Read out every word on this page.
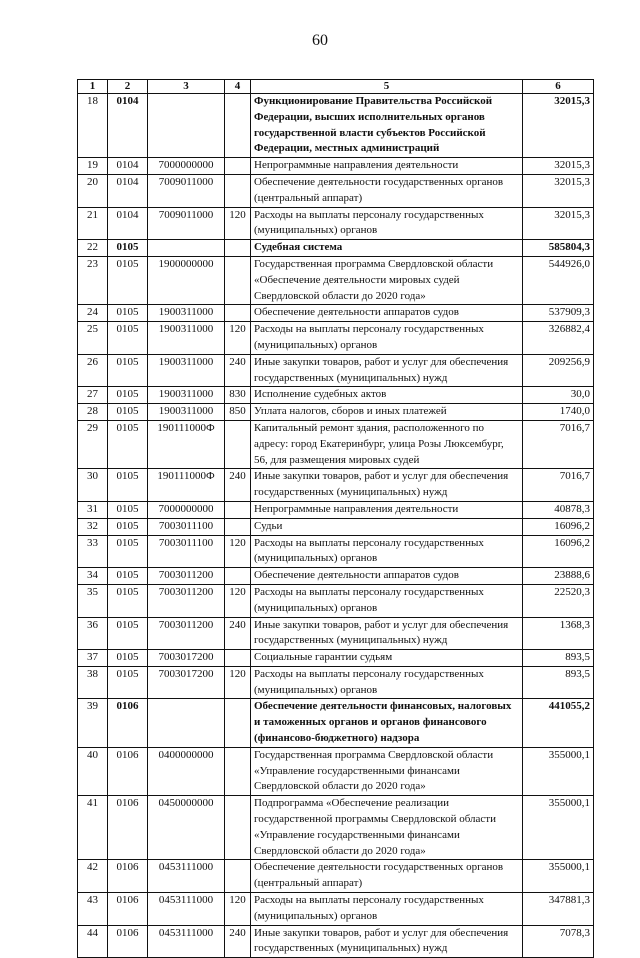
60
1	2	3	4	5	6
18	0104			Функционирование Правительства Российской Федерации, высших исполнительных органов государственной власти субъектов Российской Федерации, местных администраций	32015,3
19	0104	7000000000		Непрограммные направления деятельности	32015,3
20	0104	7009011000		Обеспечение деятельности государственных органов (центральный аппарат)	32015,3
21	0104	7009011000	120	Расходы на выплаты персоналу государственных (муниципальных) органов	32015,3
22	0105			Судебная система	585804,3
23	0105	1900000000		Государственная программа Свердловской области «Обеспечение деятельности мировых судей Свердловской области до 2020 года»	544926,0
24	0105	1900311000		Обеспечение деятельности аппаратов судов	537909,3
25	0105	1900311000	120	Расходы на выплаты персоналу государственных (муниципальных) органов	326882,4
26	0105	1900311000	240	Иные закупки товаров, работ и услуг для обеспечения государственных (муниципальных) нужд	209256,9
27	0105	1900311000	830	Исполнение судебных актов	30,0
28	0105	1900311000	850	Уплата налогов, сборов и иных платежей	1740,0
29	0105	190111000Ф		Капитальный ремонт здания, расположенного по адресу: город Екатеринбург, улица Розы Люксембург, 56, для размещения мировых судей	7016,7
30	0105	190111000Ф	240	Иные закупки товаров, работ и услуг для обеспечения государственных (муниципальных) нужд	7016,7
31	0105	7000000000		Непрограммные направления деятельности	40878,3
32	0105	7003011100		Судьи	16096,2
33	0105	7003011100	120	Расходы на выплаты персоналу государственных (муниципальных) органов	16096,2
34	0105	7003011200		Обеспечение деятельности аппаратов судов	23888,6
35	0105	7003011200	120	Расходы на выплаты персоналу государственных (муниципальных) органов	22520,3
36	0105	7003011200	240	Иные закупки товаров, работ и услуг для обеспечения государственных (муниципальных) нужд	1368,3
37	0105	7003017200		Социальные гарантии судьям	893,5
38	0105	7003017200	120	Расходы на выплаты персоналу государственных (муниципальных) органов	893,5
39	0106			Обеспечение деятельности финансовых, налоговых и таможенных органов и органов финансового (финансово-бюджетного) надзора	441055,2
40	0106	0400000000		Государственная программа Свердловской области «Управление государственными финансами Свердловской области до 2020 года»	355000,1
41	0106	0450000000		Подпрограмма «Обеспечение реализации государственной программы Свердловской области «Управление государственными финансами Свердловской области до 2020 года»	355000,1
42	0106	0453111000		Обеспечение деятельности государственных органов (центральный аппарат)	355000,1
43	0106	0453111000	120	Расходы на выплаты персоналу государственных (муниципальных) органов	347881,3
44	0106	0453111000	240	Иные закупки товаров, работ и услуг для обеспечения государственных (муниципальных) нужд	7078,3
